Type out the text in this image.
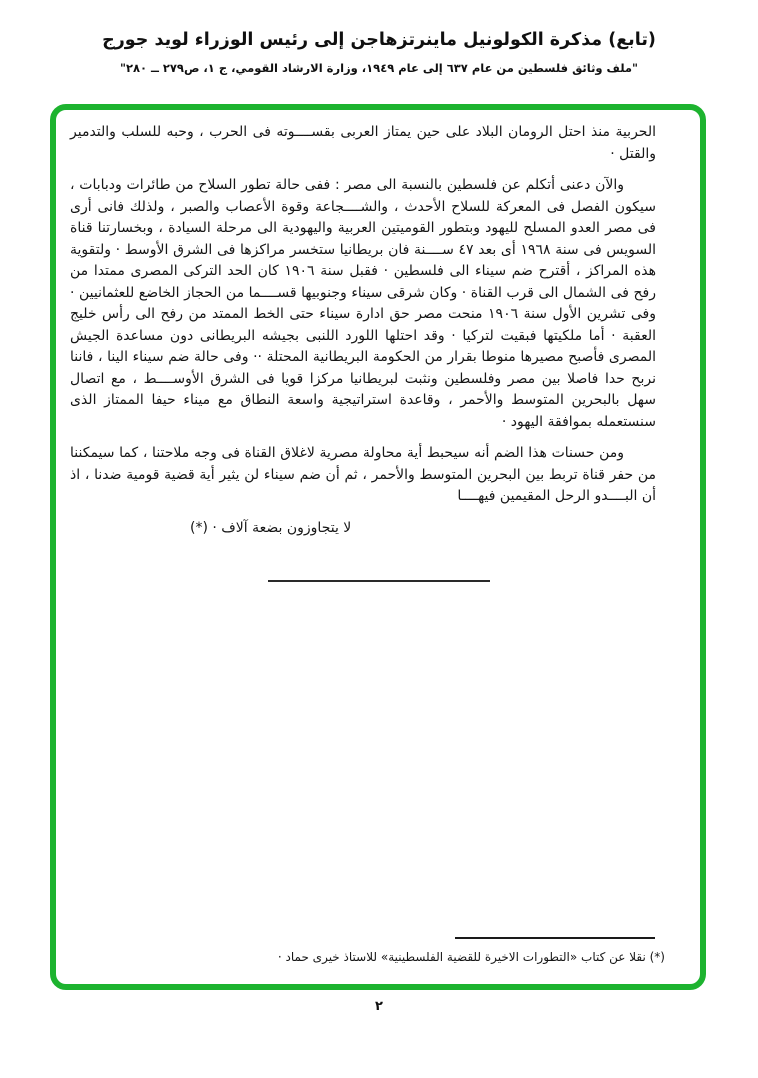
(تابع) مذكرة الكولونيل ماينرتزهاجن إلى رئيس الوزراء لويد جورج
"ملف وثائق فلسطين من عام ٦٣٧ إلى عام ١٩٤٩، وزارة الارشاد القومي، ج ١، ص٢٧٩ ــ ٢٨٠"

الحربية منذ احتل الرومان البلاد على حين يمتاز العربى بقســــوته فى الحرب ، وحبه للسلب والتدمير والقتل ·

والآن دعنى أتكلم عن فلسطين بالنسبة الى مصر : ففى حالة تطور السلاح من طائرات ودبابات ، سيكون الفصل فى المعركة للسلاح الأحدث ، والشــــجاعة وقوة الأعصاب والصبر ، ولذلك فانى أرى فى مصر العدو المسلح لليهود وبتطور القوميتين العربية واليهودية الى مرحلة السيادة ، وبخسارتنا قناة السويس فى سنة ١٩٦٨ أى بعد ٤٧ ســــنة فان بريطانيا ستخسر مراكزها فى الشرق الأوسط · ولتقوية هذه المراكز ، أقترح ضم سيناء الى فلسطين · فقبل سنة ١٩٠٦ كان الحد التركى المصرى ممتدا من رفح فى الشمال الى قرب القناة · وكان شرقى سيناء وجنوبيها قســــما من الحجاز الخاضع للعثمانيين · وفى تشرين الأول سنة ١٩٠٦ منحت مصر حق ادارة سيناء حتى الخط الممتد من رفح الى رأس خليج العقبة · أما ملكيتها فبقيت لتركيا · وقد احتلها اللورد اللنبى بجيشه البريطانى دون مساعدة الجيش المصرى فأصبح مصيرها منوطا بقرار من الحكومة البريطانية المحتلة ·· وفى حالة ضم سيناء الينا ، فاننا نربح حدا فاصلا بين مصر وفلسطين ونثبت لبريطانيا مركزا قويا فى الشرق الأوســــط ، مع اتصال سهل بالبحرين المتوسط والأحمر ، وقاعدة استراتيجية واسعة النطاق مع ميناء حيفا الممتاز الذى سنستعمله بموافقة اليهود ·

ومن حسنات هذا الضم أنه سيحبط أية محاولة مصرية لاغلاق القناة فى وجه ملاحتنا ، كما سيمكننا من حفر قناة تربط بين البحرين المتوسط والأحمر ، ثم أن ضم سيناء لن يثير أية قضية قومية ضدنا ، اذ أن البــــدو الرحل المقيمين فيهــــا

لا يتجاوزون بضعة آلاف · (*)

(*) نقلا عن كتاب «التطورات الاخيرة للقضية الفلسطينية» للاستاذ خيرى حماد ·
٢
